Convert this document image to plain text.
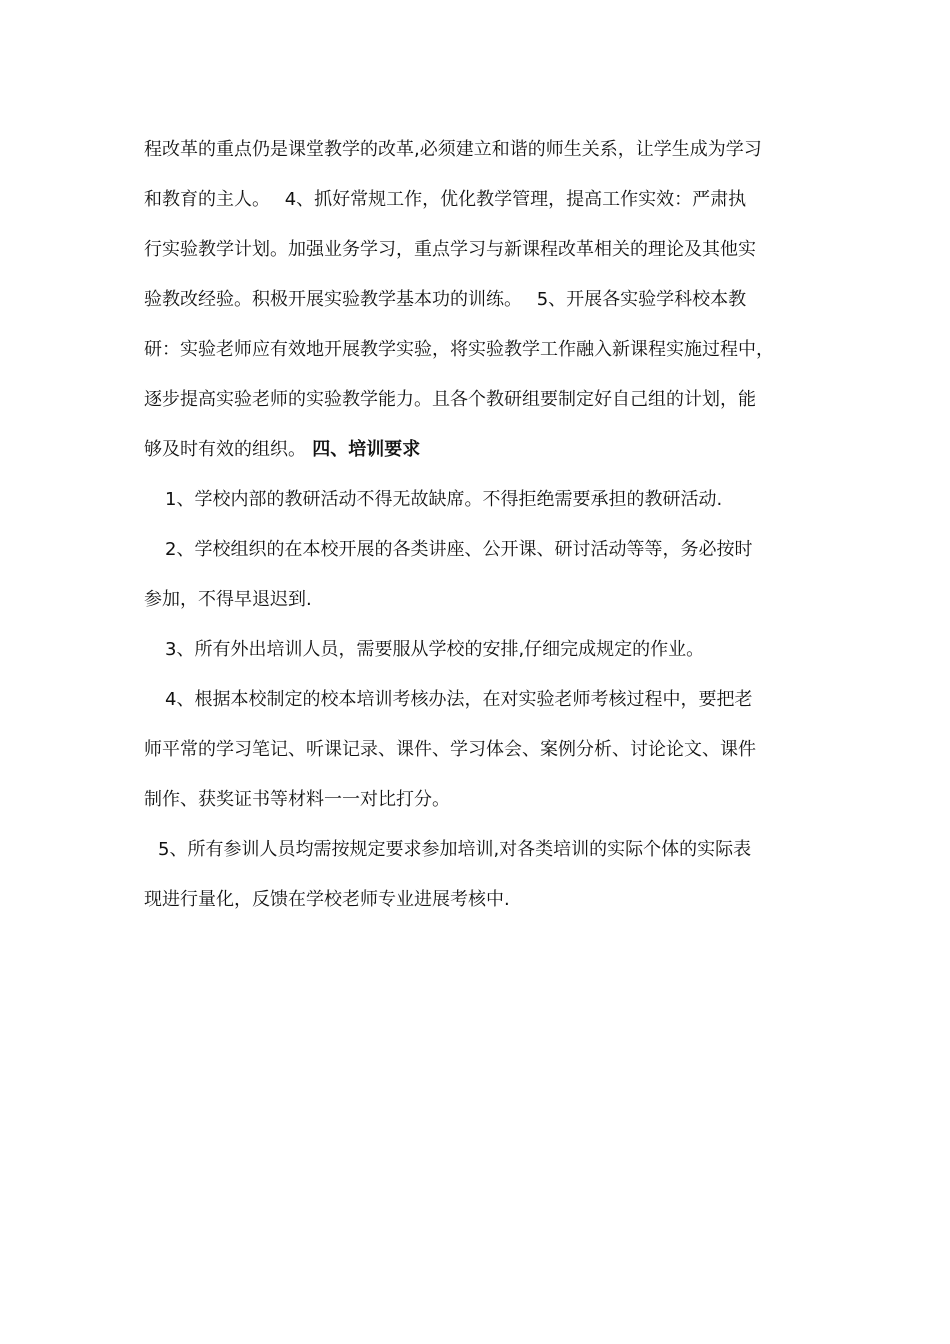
程改革的重点仍是课堂教学的改革,必须建立和谐的师生关系，让学生成为学习
和教育的主人。　 4、抓好常规工作，优化教学管理，提高工作实效：严肃执
行实验教学计划。加强业务学习，重点学习与新课程改革相关的理论及其他实
验教改经验。积极开展实验教学基本功的训练。　 5、开展各实验学科校本教
研：实验老师应有效地开展教学实验，将实验教学工作融入新课程实施过程中，
逐步提高实验老师的实验教学能力。且各个教研组要制定好自己组的计划，能
够及时有效的组织。 四、培训要求
1、学校内部的教研活动不得无故缺席。不得拒绝需要承担的教研活动.
2、学校组织的在本校开展的各类讲座、公开课、研讨活动等等，务必按时
参加，不得早退迟到.
3、所有外出培训人员，需要服从学校的安排,仔细完成规定的作业。
4、根据本校制定的校本培训考核办法，在对实验老师考核过程中，要把老
师平常的学习笔记、听课记录、课件、学习体会、案例分析、讨论论文、课件
制作、获奖证书等材料一一对比打分。
5、所有参训人员均需按规定要求参加培训,对各类培训的实际个体的实际表
现进行量化，反馈在学校老师专业进展考核中.
